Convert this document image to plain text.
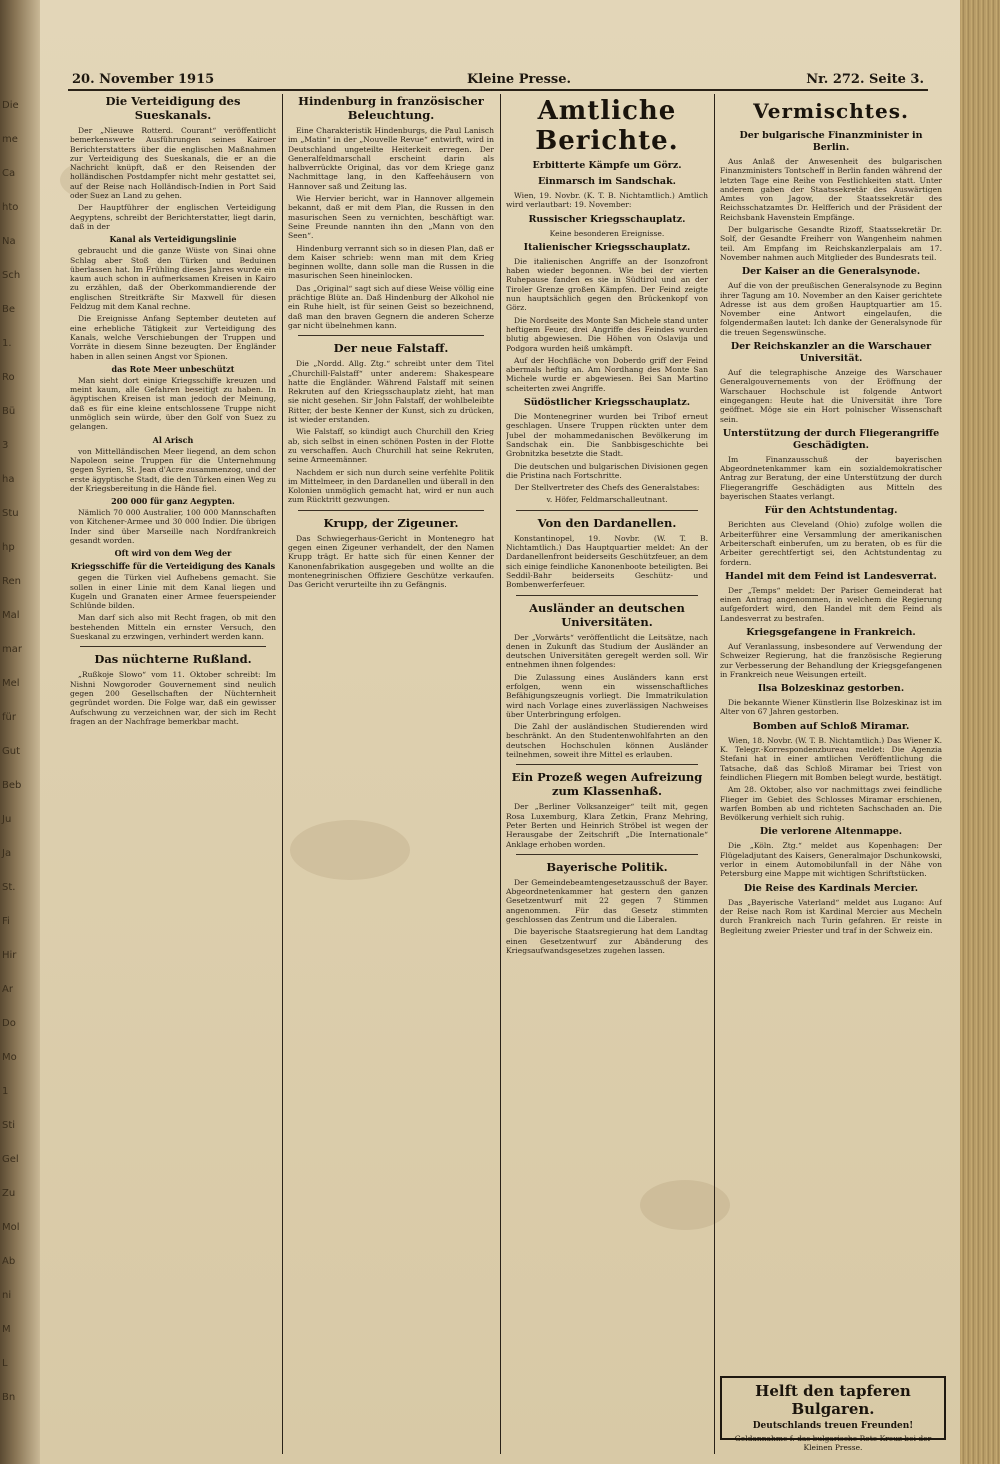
Die
me
Ca
hto
Na
Sch
Be
1.
Ro
Bü
3
ha
Stu
hp
Ren
Mal
mar
Mel
für
Gut
Beb
Ju
Ja
St.
Fi
Hir
Ar
Do
Mo
1
Sti
Gel
Zu
Mol
Ab
ni
M
L
Bn
20. November 1915	Kleine Presse.	Nr. 272. Seite 3.
Die Verteidigung des Sueskanals.

Der „Nieuwe Rotterd. Courant“ veröffentlicht bemerkenswerte Ausführungen seines Kairoer Berichterstatters über die englischen Maßnahmen zur Verteidigung des Sueskanals, die er an die Nachricht knüpft, daß er den Reisenden der holländischen Postdampfer nicht mehr gestattet sei, auf der Reise nach Holländisch-Indien in Port Said oder Suez an Land zu gehen.

Der Hauptführer der englischen Verteidigung Aegyptens, schreibt der Berichterstatter, liegt darin, daß in der

Kanal als Verteidigungslinie

gebraucht und die ganze Wüste von Sinai ohne Schlag aber Stoß den Türken und Beduinen überlassen hat. Im Frühling dieses Jahres wurde ein kaum auch schon in aufmerksamen Kreisen in Kairo zu erzählen, daß der Oberkommandierende der englischen Streitkräfte Sir Maxwell für diesen Feldzug mit dem Kanal rechne.

Die Ereignisse Anfang September deuteten auf eine erhebliche Tätigkeit zur Verteidigung des Kanals, welche Verschiebungen der Truppen und Vorräte in diesem Sinne bezeugten. Der Engländer haben in allen seinen Angst vor Spionen.

das Rote Meer unbeschützt

Man sieht dort einige Kriegsschiffe kreuzen und meint kaum, alle Gefahren beseitigt zu haben. In ägyptischen Kreisen ist man jedoch der Meinung, daß es für eine kleine entschlossene Truppe nicht unmöglich sein würde, über den Golf von Suez zu gelangen.

Al Arisch

von Mittelländischen Meer liegend, an dem schon Napoleon seine Truppen für die Unternehmung gegen Syrien, St. Jean d'Acre zusammenzog, und der erste ägyptische Stadt, die den Türken einen Weg zu der Kriegsbereitung in die Hände fiel.

200 000 für ganz Aegypten.

Nämlich 70 000 Australier, 100 000 Mannschaften von Kitchener-Armee und 30 000 Indier. Die übrigen Inder sind über Marseille nach Nordfrankreich gesandt worden.

Oft wird von dem Weg der
Kriegsschiffe für die Verteidigung des Kanals

gegen die Türken viel Aufhebens gemacht. Sie sollen in einer Linie mit dem Kanal liegen und Kugeln und Granaten einer Armee feuerspeiender Schlünde bilden.

Man darf sich also mit Recht fragen, ob mit den bestehenden Mitteln ein ernster Versuch, den Sueskanal zu erzwingen, verhindert werden kann.

Das nüchterne Rußland.

„Rußkoje Slowo“ vom 11. Oktober schreibt: Im Nishni Nowgoroder Gouvernement sind neulich gegen 200 Gesellschaften der Nüchternheit gegründet worden. Die Folge war, daß ein gewisser Aufschwung zu verzeichnen war, der sich im Recht fragen an der Nachfrage bemerkbar macht.

Hindenburg in französischer Beleuchtung.

Eine Charakteristik Hindenburgs, die Paul Lanisch im „Matin“ in der „Nouvelle Revue“ entwirft, wird in Deutschland ungeteilte Heiterkeit erregen. Der Generalfeldmarschall erscheint darin als halbverrückte Original, das vor dem Kriege ganz Nachmittage lang, in den Kaffeehäusern von Hannover saß und Zeitung las.

Wie Hervier bericht, war in Hannover allgemein bekannt, daß er mit dem Plan, die Russen in den masurischen Seen zu vernichten, beschäftigt war. Seine Freunde nannten ihn den „Mann von den Seen“.

Hindenburg verrannt sich so in diesen Plan, daß er dem Kaiser schrieb: wenn man mit dem Krieg beginnen wollte, dann solle man die Russen in die masurischen Seen hineinlocken.

Das „Original“ sagt sich auf diese Weise völlig eine prächtige Blüte an. Daß Hindenburg der Alkohol nie ein Ruhe hielt, ist für seinen Geist so bezeichnend, daß man den braven Gegnern die anderen Scherze gar nicht übelnehmen kann.

Der neue Falstaff.

Die „Nordd. Allg. Ztg.“ schreibt unter dem Titel „Churchill-Falstaff“ unter anderem: Shakespeare hatte die Engländer. Während Falstaff mit seinen Rekruten auf den Kriegsschauplatz zieht, hat man sie nicht gesehen. Sir John Falstaff, der wohlbeleibte Ritter, der beste Kenner der Kunst, sich zu drücken, ist wieder erstanden.

Wie Falstaff, so kündigt auch Churchill den Krieg ab, sich selbst in einen schönen Posten in der Flotte zu verschaffen. Auch Churchill hat seine Rekruten, seine Armeemänner.

Nachdem er sich nun durch seine verfehlte Politik im Mittelmeer, in den Dardanellen und überall in den Kolonien unmöglich gemacht hat, wird er nun auch zum Rücktritt gezwungen.

Krupp, der Zigeuner.

Das Schwiegerhaus-Gericht in Montenegro hat gegen einen Zigeuner verhandelt, der den Namen Krupp trägt. Er hatte sich für einen Kenner der Kanonenfabrikation ausgegeben und wollte an die montenegrinischen Offiziere Geschütze verkaufen. Das Gericht verurteilte ihn zu Gefängnis.

Amtliche Berichte.
Erbitterte Kämpfe um Görz.
Einmarsch im Sandschak.

Wien, 19. Novbr. (K. T. B. Nichtamtlich.) Amtlich wird verlautbart: 19. November:

Russischer Kriegsschauplatz.

Keine besonderen Ereignisse.

Italienischer Kriegsschauplatz.

Die italienischen Angriffe an der Isonzofront haben wieder begonnen. Wie bei der vierten Ruhepause fanden es sie in Südtirol und an der Tiroler Grenze großen Kämpfen. Der Feind zeigte nun hauptsächlich gegen den Brückenkopf von Görz.

Die Nordseite des Monte San Michele stand unter heftigem Feuer, drei Angriffe des Feindes wurden blutig abgewiesen. Die Höhen von Oslavija und Podgora wurden heiß umkämpft.

Auf der Hochfläche von Doberdo griff der Feind abermals heftig an. Am Nordhang des Monte San Michele wurde er abgewiesen. Bei San Martino scheiterten zwei Angriffe.

Südöstlicher Kriegsschauplatz.

Die Montenegriner wurden bei Tribof erneut geschlagen. Unsere Truppen rückten unter dem Jubel der mohammedanischen Bevölkerung im Sandschak ein. Die Sanbbisgeschichte bei Grobnitzka besetzte die Stadt.

Die deutschen und bulgarischen Divisionen gegen die Pristina nach Fortschritte.

Der Stellvertreter des Chefs des Generalstabes:

v. Höfer, Feldmarschalleutnant.

Von den Dardanellen.

Konstantinopel, 19. Novbr. (W. T. B. Nichtamtlich.) Das Hauptquartier meldet: An der Dardanellenfront beiderseits Geschützfeuer, an dem sich einige feindliche Kanonenboote beteiligten. Bei Seddil-Bahr beiderseits Geschütz- und Bombenwerferfeuer.

Ausländer an deutschen Universitäten.

Der „Vorwärts“ veröffentlicht die Leitsätze, nach denen in Zukunft das Studium der Ausländer an deutschen Universitäten geregelt werden soll. Wir entnehmen ihnen folgendes:

Die Zulassung eines Ausländers kann erst erfolgen, wenn ein wissenschaftliches Befähigungszeugnis vorliegt. Die Immatrikulation wird nach Vorlage eines zuverlässigen Nachweises über Unterbringung erfolgen.

Die Zahl der ausländischen Studierenden wird beschränkt. An den Studentenwohlfahrten an den deutschen Hochschulen können Ausländer teilnehmen, soweit ihre Mittel es erlauben.

Ein Prozeß wegen Aufreizung zum Klassenhaß.

Der „Berliner Volksanzeiger“ teilt mit, gegen Rosa Luxemburg, Klara Zetkin, Franz Mehring, Peter Berten und Heinrich Ströbel ist wegen der Herausgabe der Zeitschrift „Die Internationale“ Anklage erhoben worden.

Bayerische Politik.

Der Gemeindebeamtengesetzausschuß der Bayer. Abgeordnetenkammer hat gestern den ganzen Gesetzentwurf mit 22 gegen 7 Stimmen angenommen. Für das Gesetz stimmten geschlossen das Zentrum und die Liberalen.

Die bayerische Staatsregierung hat dem Landtag einen Gesetzentwurf zur Abänderung des Kriegsaufwandsgesetzes zugehen lassen.

Vermischtes.
Der bulgarische Finanzminister in Berlin.

Aus Anlaß der Anwesenheit des bulgarischen Finanzministers Tontscheff in Berlin fanden während der letzten Tage eine Reihe von Festlichkeiten statt. Unter anderem gaben der Staatssekretär des Auswärtigen Amtes von Jagow, der Staatssekretär des Reichsschatzamtes Dr. Helfferich und der Präsident der Reichsbank Havenstein Empfänge.

Der bulgarische Gesandte Rizoff, Staatssekretär Dr. Solf, der Gesandte Freiherr von Wangenheim nahmen teil. Am Empfang im Reichskanzlerpalais am 17. November nahmen auch Mitglieder des Bundesrats teil.

Der Kaiser an die Generalsynode.

Auf die von der preußischen Generalsynode zu Beginn ihrer Tagung am 10. November an den Kaiser gerichtete Adresse ist aus dem großen Hauptquartier am 15. November eine Antwort eingelaufen, die folgendermaßen lautet: Ich danke der Generalsynode für die treuen Segenswünsche.

Der Reichskanzler an die Warschauer Universität.

Auf die telegraphische Anzeige des Warschauer Generalgouvernements von der Eröffnung der Warschauer Hochschule ist folgende Antwort eingegangen: Heute hat die Universität ihre Tore geöffnet. Möge sie ein Hort polnischer Wissenschaft sein.

Unterstützung der durch Fliegerangriffe Geschädigten.

Im Finanzausschuß der bayerischen Abgeordnetenkammer kam ein sozialdemokratischer Antrag zur Beratung, der eine Unterstützung der durch Fliegerangriffe Geschädigten aus Mitteln des bayerischen Staates verlangt.

Für den Achtstundentag.

Berichten aus Cleveland (Ohio) zufolge wollen die Arbeiterführer eine Versammlung der amerikanischen Arbeiterschaft einberufen, um zu beraten, ob es für die Arbeiter gerechtfertigt sei, den Achtstundentag zu fordern.

Handel mit dem Feind ist Landesverrat.

Der „Temps“ meldet: Der Pariser Gemeinderat hat einen Antrag angenommen, in welchem die Regierung aufgefordert wird, den Handel mit dem Feind als Landesverrat zu bestrafen.

Kriegsgefangene in Frankreich.

Auf Veranlassung, insbesondere auf Verwendung der Schweizer Regierung, hat die französische Regierung zur Verbesserung der Behandlung der Kriegsgefangenen in Frankreich neue Weisungen erteilt.

Ilsa Bolzeskinaz gestorben.

Die bekannte Wiener Künstlerin Ilse Bolzeskinaz ist im Alter von 67 Jahren gestorben.

Bomben auf Schloß Miramar.

Wien, 18. Novbr. (W. T. B. Nichtamtlich.) Das Wiener K. K. Telegr.-Korrespondenzbureau meldet: Die Agenzia Stefani hat in einer amtlichen Veröffentlichung die Tatsache, daß das Schloß Miramar bei Triest von feindlichen Fliegern mit Bomben belegt wurde, bestätigt.

Am 28. Oktober, also vor nachmittags zwei feindliche Flieger im Gebiet des Schlosses Miramar erschienen, warfen Bomben ab und richteten Sachschaden an. Die Bevölkerung verhielt sich ruhig.

Die verlorene Altenmappe.

Die „Köln. Ztg.“ meldet aus Kopenhagen: Der Flügeladjutant des Kaisers, Generalmajor Dschunkowski, verlor in einem Automobilunfall in der Nähe von Petersburg eine Mappe mit wichtigen Schriftstücken.

Die Reise des Kardinals Mercier.

Das „Bayerische Vaterland“ meldet aus Lugano: Auf der Reise nach Rom ist Kardinal Mercier aus Mecheln durch Frankreich nach Turin gefahren. Er reiste in Begleitung zweier Priester und traf in der Schweiz ein.

Helft den tapferen Bulgaren.
Deutschlands treuen Freunden!
Geldannahme f. das bulgarische Rote Kreuz bei der Kleinen Presse.
